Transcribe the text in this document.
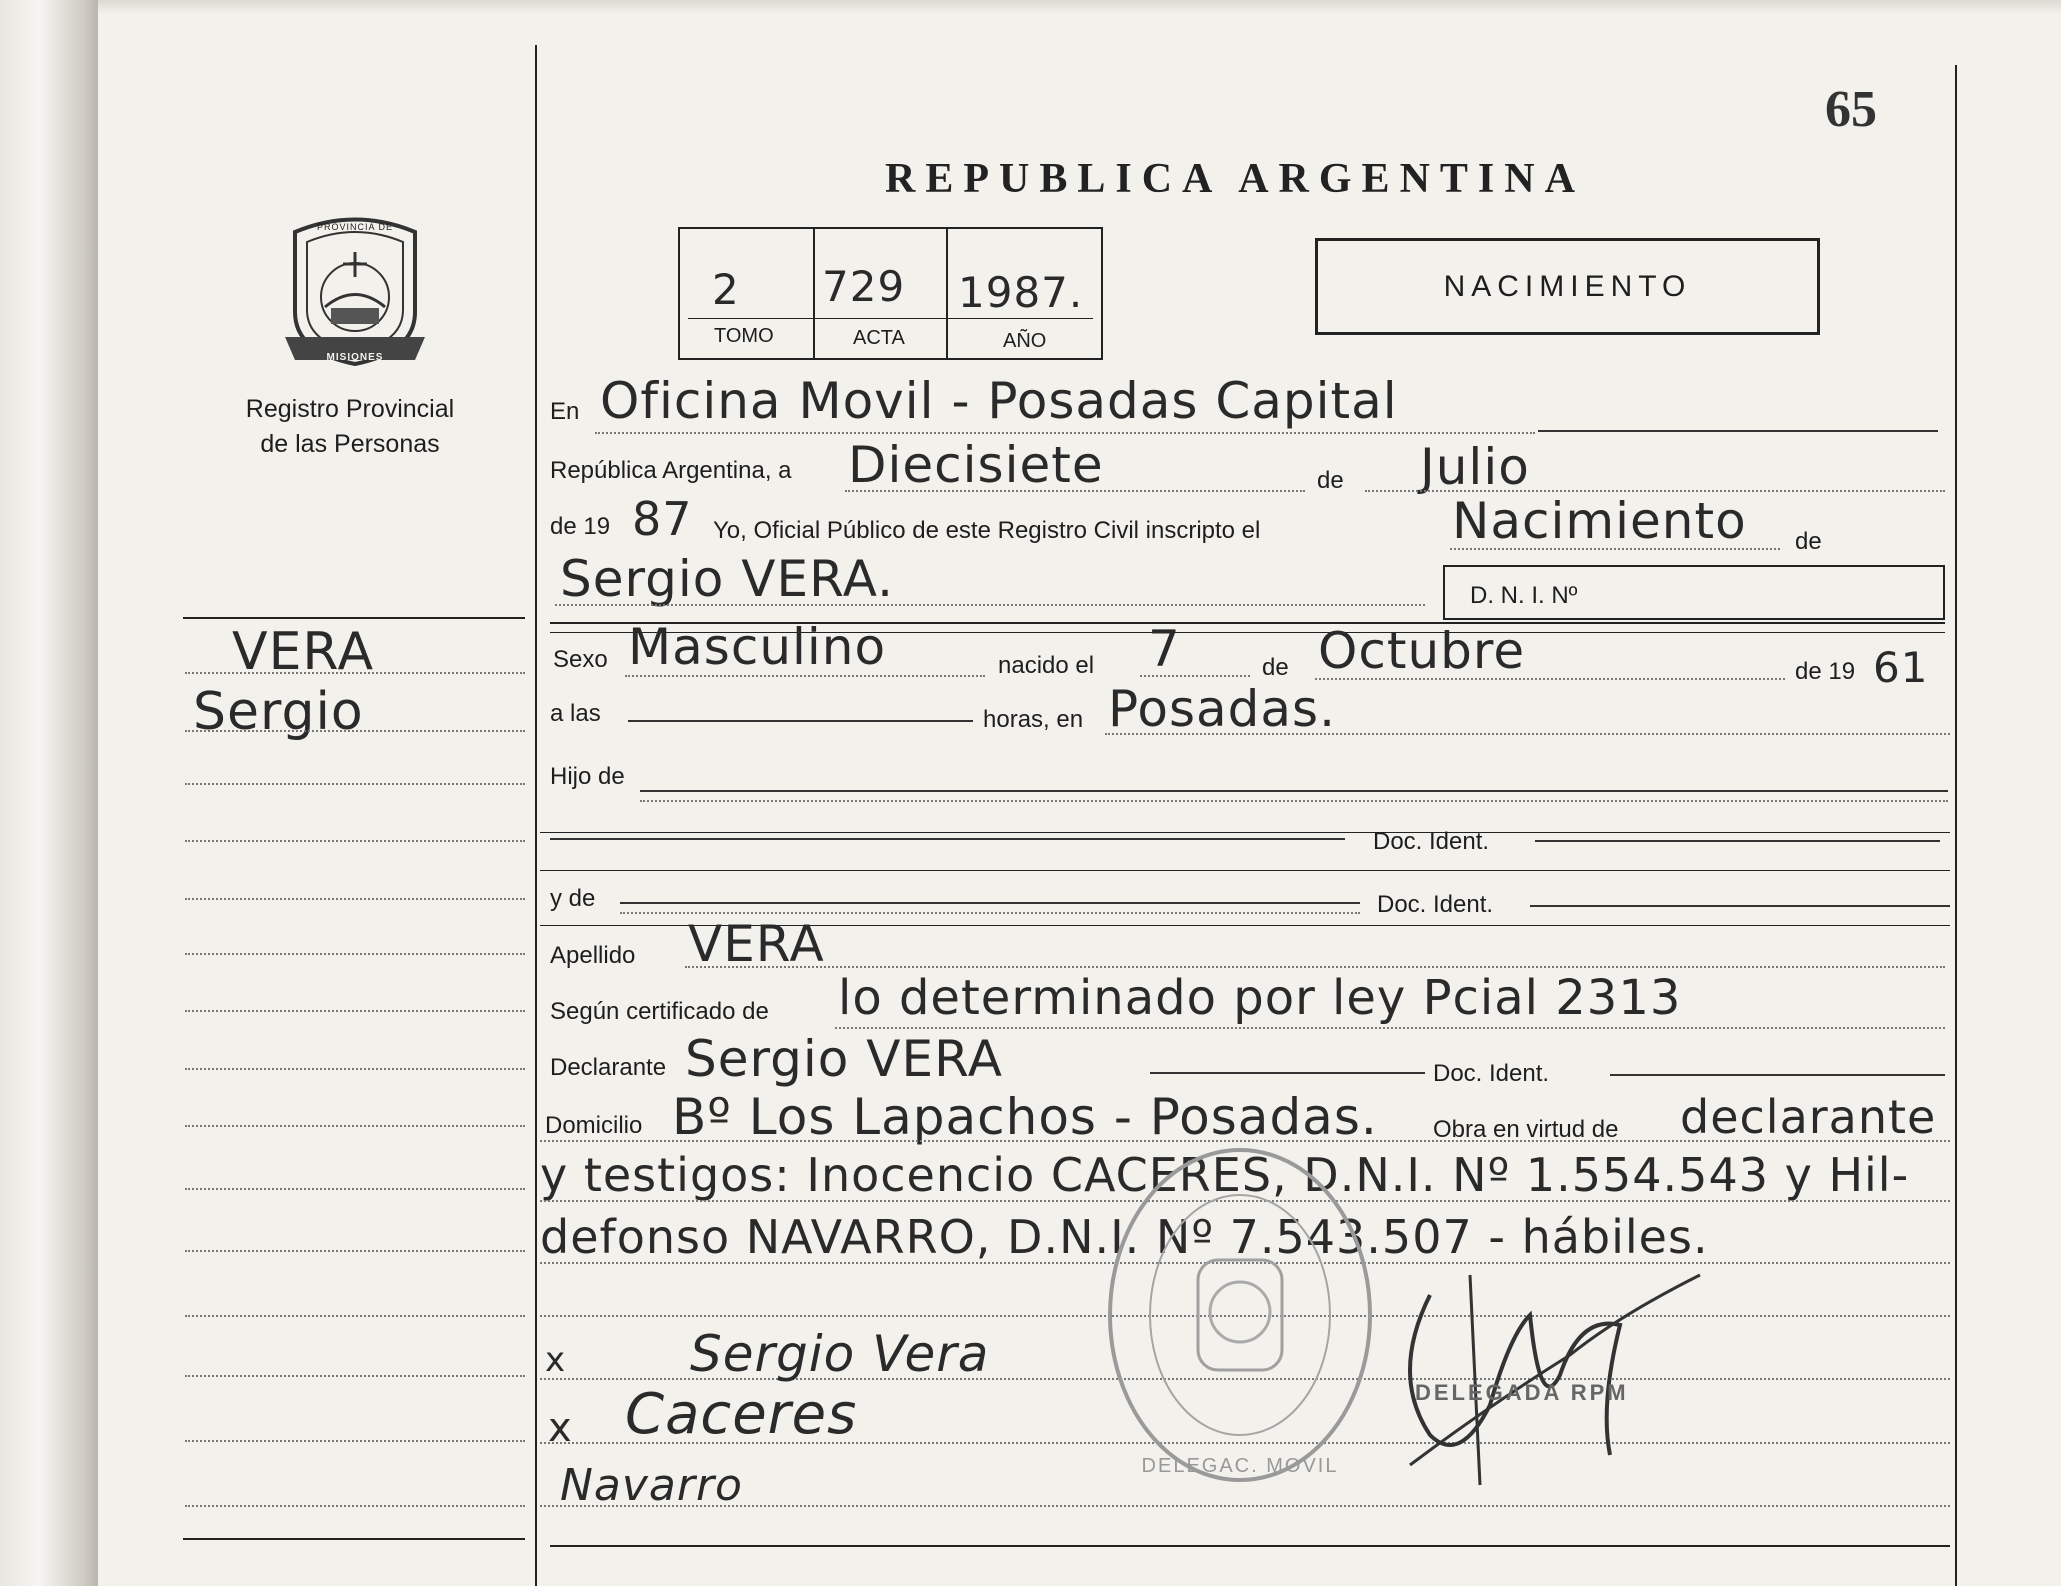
65
REPUBLICA ARGENTINA
NACIMIENTO
2 729 1987.
TOMO	ACTA	AÑO
PROVINCIA DE
MISIONES
Registro Provincial
de las Personas
VERA
Sergio
En Oficina Movil - Posadas Capital
República Argentina, a Diecisiete	de Julio
de 19 87 Yo, Oficial Público de este Registro Civil inscripto el	Nacimiento de
Sergio VERA.	D. N. I. Nº
Sexo Masculino	nacido el 7	de Octubre	de 19 61
a las	horas, en Posadas.
Hijo de
Doc. Ident.
y de	Doc. Ident.
Apellido VERA
Según certificado de lo determinado por ley Pcial 2313
Declarante Sergio VERA	Doc. Ident.
Domicilio Bº Los Lapachos - Posadas. Obra en virtud de declarante
y testigos: Inocencio CACERES, D.N.I. Nº 1.554.543 y Hil-
defonso NAVARRO, D.N.I. Nº 7.543.507 - hábiles.
DELEGAC. MOVIL
x Sergio Vera
x Caceres
Navarro
DELEGADA RPM
